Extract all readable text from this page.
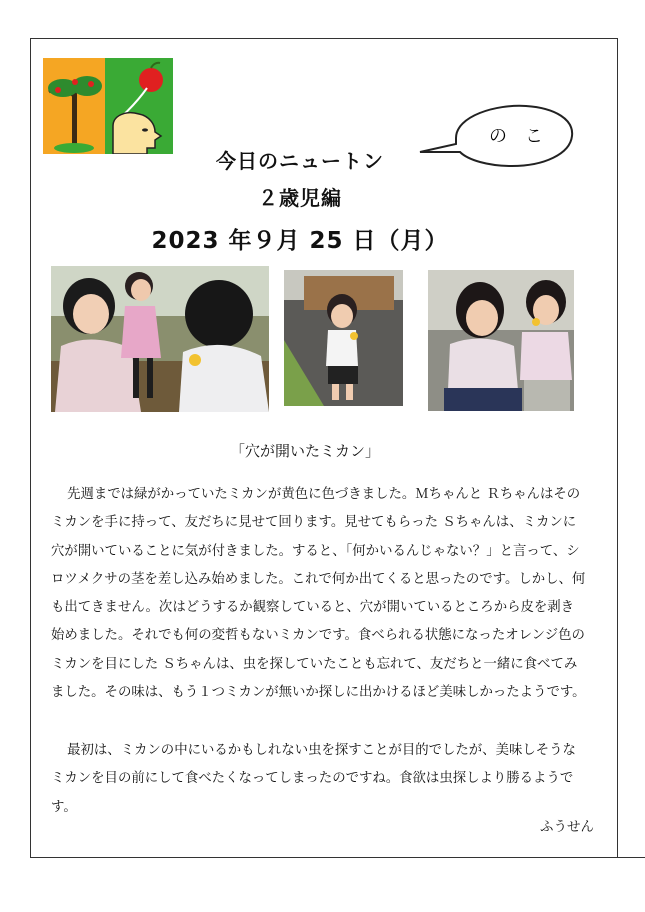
今日のニュートン
２歳児編
2023 年９月 25 日（月）
の　こ
「穴が開いたミカン」
先週までは緑がかっていたミカンが黄色に色づきました。Ｍちゃんと Ｒちゃんはそのミカンを手に持って、友だちに見せて回ります。見せてもらった Ｓちゃんは、ミカンに穴が開いていることに気が付きました。すると、「何かいるんじゃない？」と言って、シロツメクサの茎を差し込み始めました。これで何か出てくると思ったのです。しかし、何も出てきません。次はどうするか観察していると、穴が開いているところから皮を剥き始めました。それでも何の変哲もないミカンです。食べられる状態になったオレンジ色のミカンを目にした Ｓちゃんは、虫を探していたことも忘れて、友だちと一緒に食べてみました。その味は、もう１つミカンが無いか探しに出かけるほど美味しかったようです。
最初は、ミカンの中にいるかもしれない虫を探すことが目的でしたが、美味しそうなミカンを目の前にして食べたくなってしまったのですね。食欲は虫探しより勝るようです。
ふうせん
